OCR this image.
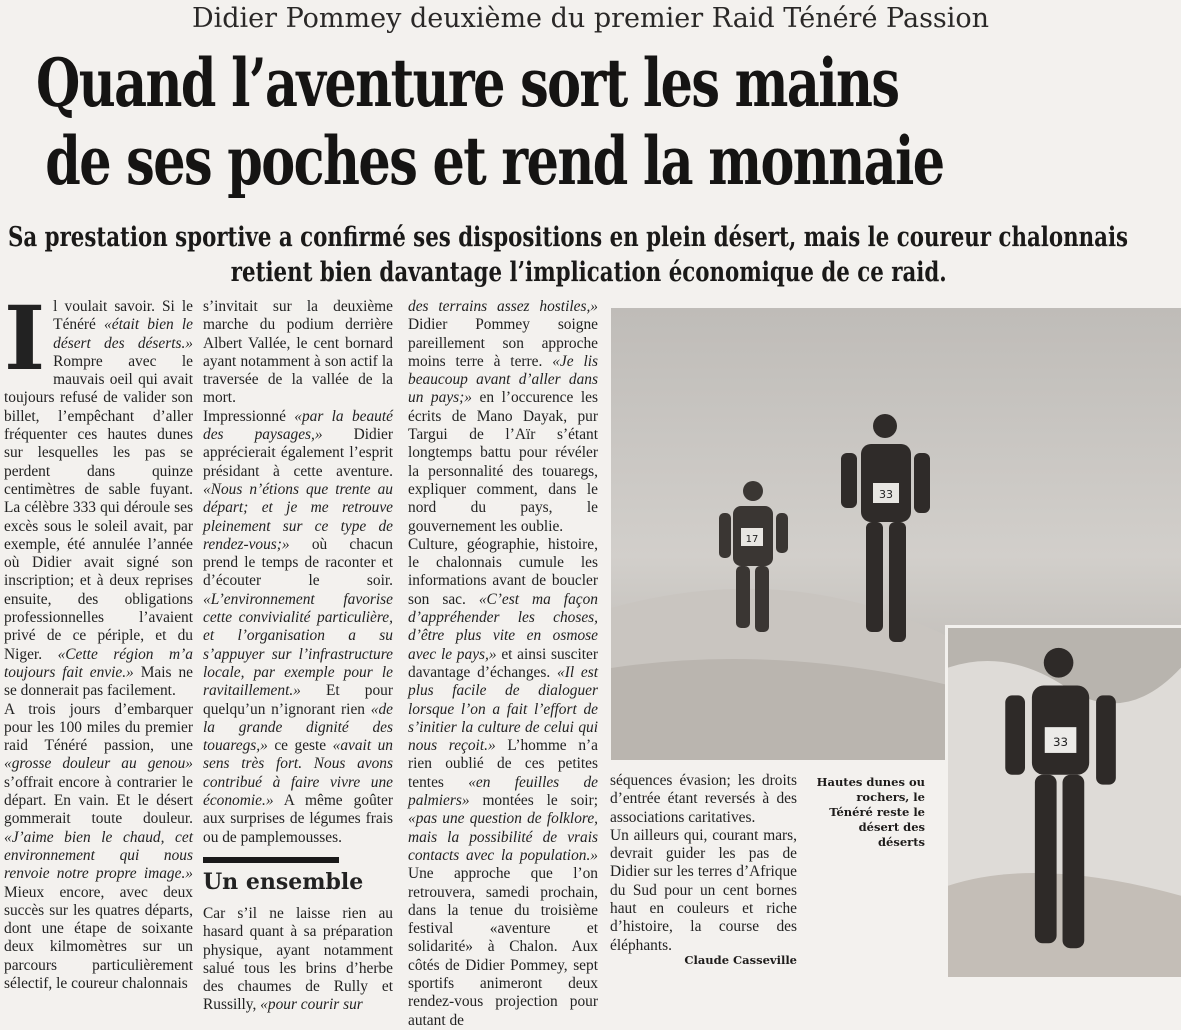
Didier Pommey deuxième du premier Raid Ténéré Passion
Quand l’aventure sort les mains
de ses poches et rend la monnaie
Sa prestation sportive a confirmé ses dispositions en plein désert, mais le coureur chalonnais
retient bien davantage l’implication économique de ce raid.
Il voulait savoir. Si le Ténéré «était bien le désert des déserts.» Rompre avec le mauvais oeil qui avait toujours refusé de valider son billet, l’empêchant d’aller fréquenter ces hautes dunes sur lesquelles les pas se perdent dans quinze centimètres de sable fuyant. La célèbre 333 qui déroule ses excès sous le soleil avait, par exemple, été annulée l’année où Didier avait signé son inscription; et à deux reprises ensuite, des obligations professionnelles l’avaient privé de ce périple, et du Niger. «Cette région m’a toujours fait envie.» Mais ne se donnerait pas facilement.
A trois jours d’embarquer pour les 100 miles du premier raid Ténéré passion, une «grosse douleur au genou» s’offrait encore à contrarier le départ. En vain. Et le désert gommerait toute douleur. «J’aime bien le chaud, cet environnement qui nous renvoie notre propre image.» Mieux encore, avec deux succès sur les quatres départs, dont une étape de soixante deux kilmomètres sur un parcours particulièrement sélectif, le coureur chalonnais
s’invitait sur la deuxième marche du podium derrière Albert Vallée, le cent bornard ayant notamment à son actif la traversée de la vallée de la mort.
Impressionné «par la beauté des paysages,» Didier apprécierait également l’esprit présidant à cette aventure. «Nous n’étions que trente au départ; et je me retrouve pleinement sur ce type de rendez-vous;» où chacun prend le temps de raconter et d’écouter le soir. «L’environnement favorise cette convivialité particulière, et l’organisation a su s’appuyer sur l’infrastructure locale, par exemple pour le ravitaillement.» Et pour quelqu’un n’ignorant rien «de la grande dignité des touaregs,» ce geste «avait un sens très fort. Nous avons contribué à faire vivre une économie.» A même goûter aux surprises de légumes frais ou de pamplemousses.
Un ensemble
Car s’il ne laisse rien au hasard quant à sa préparation physique, ayant notamment salué tous les brins d’herbe des chaumes de Rully et Russilly, «pour courir sur
des terrains assez hostiles,» Didier Pommey soigne pareillement son approche moins terre à terre. «Je lis beaucoup avant d’aller dans un pays;» en l’occurence les écrits de Mano Dayak, pur Targui de l’Aïr s’étant longtemps battu pour révéler la personnalité des touaregs, expliquer comment, dans le nord du pays, le gouvernement les oublie.
Culture, géographie, histoire, le chalonnais cumule les informations avant de boucler son sac. «C’est ma façon d’appréhender les choses, d’être plus vite en osmose avec le pays,» et ainsi susciter davantage d’échanges. «Il est plus facile de dialoguer lorsque l’on a fait l’effort de s’initier la culture de celui qui nous reçoit.» L’homme n’a rien oublié de ces petites tentes «en feuilles de palmiers» montées le soir; «pas une question de folklore, mais la possibilité de vrais contacts avec la population.» Une approche que l’on retrouvera, samedi prochain, dans la tenue du troisième festival «aventure et solidarité» à Chalon. Aux côtés de Didier Pommey, sept sportifs animeront deux rendez-vous projection pour autant de
17
33
33
Hautes dunes ou rochers, le Ténéré reste le désert des déserts
séquences évasion; les droits d’entrée étant reversés à des associations caritatives.
Un ailleurs qui, courant mars, devrait guider les pas de Didier sur les terres d’Afrique du Sud pour un cent bornes haut en couleurs et riche d’histoire, la course des éléphants.
Claude Casseville
